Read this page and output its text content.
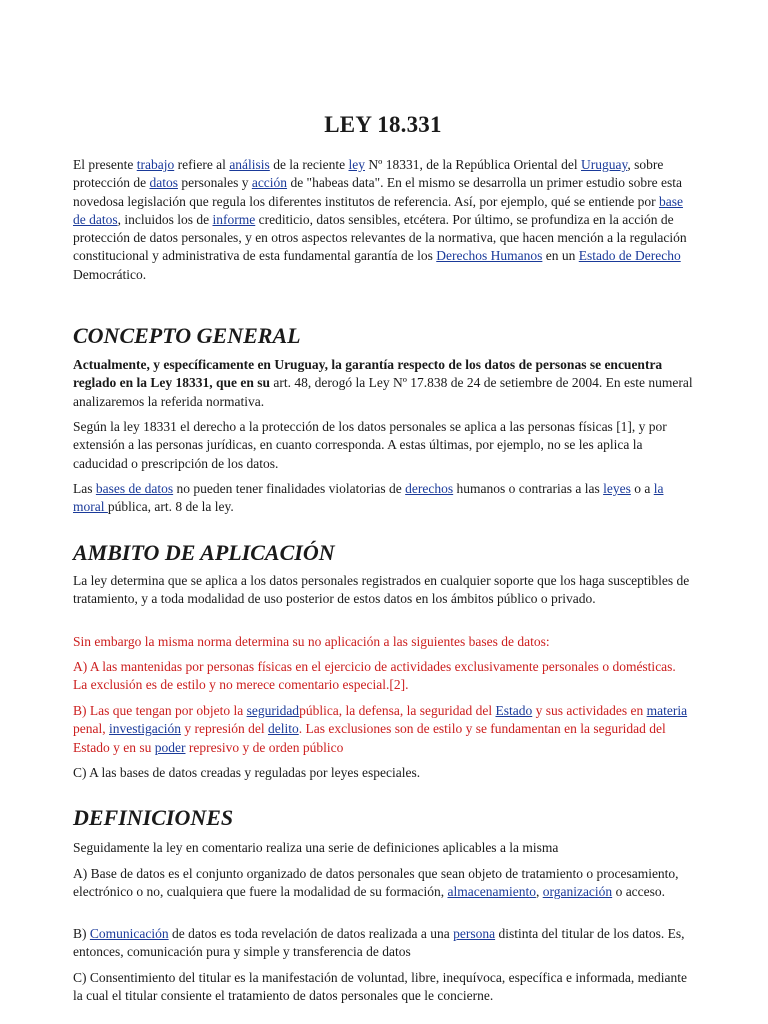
LEY 18.331

El presente trabajo refiere al análisis de la reciente ley Nº 18331, de la República Oriental del Uruguay, sobre protección de datos personales y acción de "habeas data". En el mismo se desarrolla un primer estudio sobre esta novedosa legislación que regula los diferentes institutos de referencia. Así, por ejemplo, qué se entiende por base de datos, incluidos los de informe crediticio, datos sensibles, etcétera. Por último, se profundiza en la acción de protección de datos personales, y en otros aspectos relevantes de la normativa, que hacen mención a la regulación constitucional y administrativa de esta fundamental garantía de los Derechos Humanos en un Estado de Derecho Democrático.

CONCEPTO GENERAL

Actualmente, y específicamente en Uruguay, la garantía respecto de los datos de personas se encuentra reglado en la Ley 18331, que en su art. 48, derogó la Ley Nº 17.838 de 24 de setiembre de 2004. En este numeral analizaremos la referida normativa.

Según la ley 18331 el derecho a la protección de los datos personales se aplica a las personas físicas [1], y por extensión a las personas jurídicas, en cuanto corresponda. A estas últimas, por ejemplo, no se les aplica la caducidad o prescripción de los datos.

Las bases de datos no pueden tener finalidades violatorias de derechos humanos o contrarias a las leyes o a la moral pública, art. 8 de la ley.

AMBITO DE APLICACIÓN

La ley determina que se aplica a los datos personales registrados en cualquier soporte que los haga susceptibles de tratamiento, y a toda modalidad de uso posterior de estos datos en los ámbitos público o privado.

Sin embargo la misma norma determina su no aplicación a las siguientes bases de datos:

A) A las mantenidas por personas físicas en el ejercicio de actividades exclusivamente personales o domésticas. La exclusión es de estilo y no merece comentario especial.[2].

B) Las que tengan por objeto la seguridadpública, la defensa, la seguridad del Estado y sus actividades en materia penal, investigación y represión del delito. Las exclusiones son de estilo y se fundamentan en la seguridad del Estado y en su poder represivo y de orden público

C) A las bases de datos creadas y reguladas por leyes especiales.

DEFINICIONES

Seguidamente la ley en comentario realiza una serie de definiciones aplicables a la misma

A) Base de datos es el conjunto organizado de datos personales que sean objeto de tratamiento o procesamiento, electrónico o no, cualquiera que fuere la modalidad de su formación, almacenamiento, organización o acceso.

B) Comunicación de datos es toda revelación de datos realizada a una persona distinta del titular de los datos. Es, entonces, comunicación pura y simple y transferencia de datos

C) Consentimiento del titular es la manifestación de voluntad, libre, inequívoca, específica e informada, mediante la cual el titular consiente el tratamiento de datos personales que le concierne.
